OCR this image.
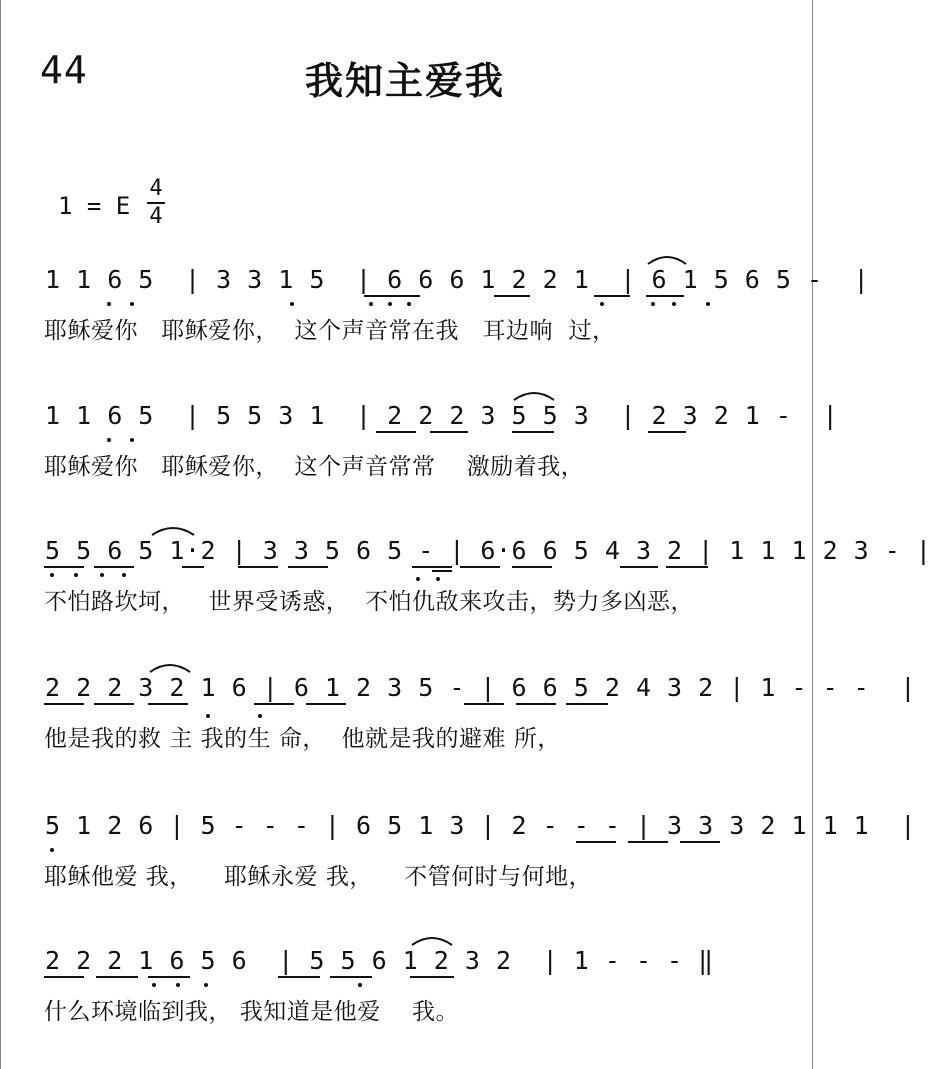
44	我知主爱我
1 = E
4
4
1 1 6 5  | 3 3 1 5  | 6 6 6 1 2 2 1  | 6 1 5 6 5 -  |
耶稣爱你   耶稣爱你，  这个声音常在我   耳边响  过，
1 1 6 5  | 5 5 3 1  | 2 2 2 3 5 5 3  | 2 3 2 1 -  |
耶稣爱你   耶稣爱你，  这个声音常常    激励着我，
5 5 6 5 1·2 | 3 3 5 6 5 - | 6·6 6 5 4 3 2 | 1 1 1 2 3 - |
不怕路坎坷，   世界受诱惑，  不怕仇敌来攻击，势力多凶恶，
2 2 2 3 2 1 6 | 6 1 2 3 5 - | 6 6 5 2 4 3 2 | 1 - - -  |
他是我的救 主 我的生 命，  他就是我的避难 所，
5 1 2 6 | 5 - - - | 6 5 1 3 | 2 - - - | 3 3 3 2 1 1 1  |
耶稣他爱 我，    耶稣永爱 我，    不管何时与何地，
2 2 2 1 6 5 6  | 5 5 6 1 2 3 2  | 1 - - - ‖
什么环境临到我， 我知道是他爱    我。
